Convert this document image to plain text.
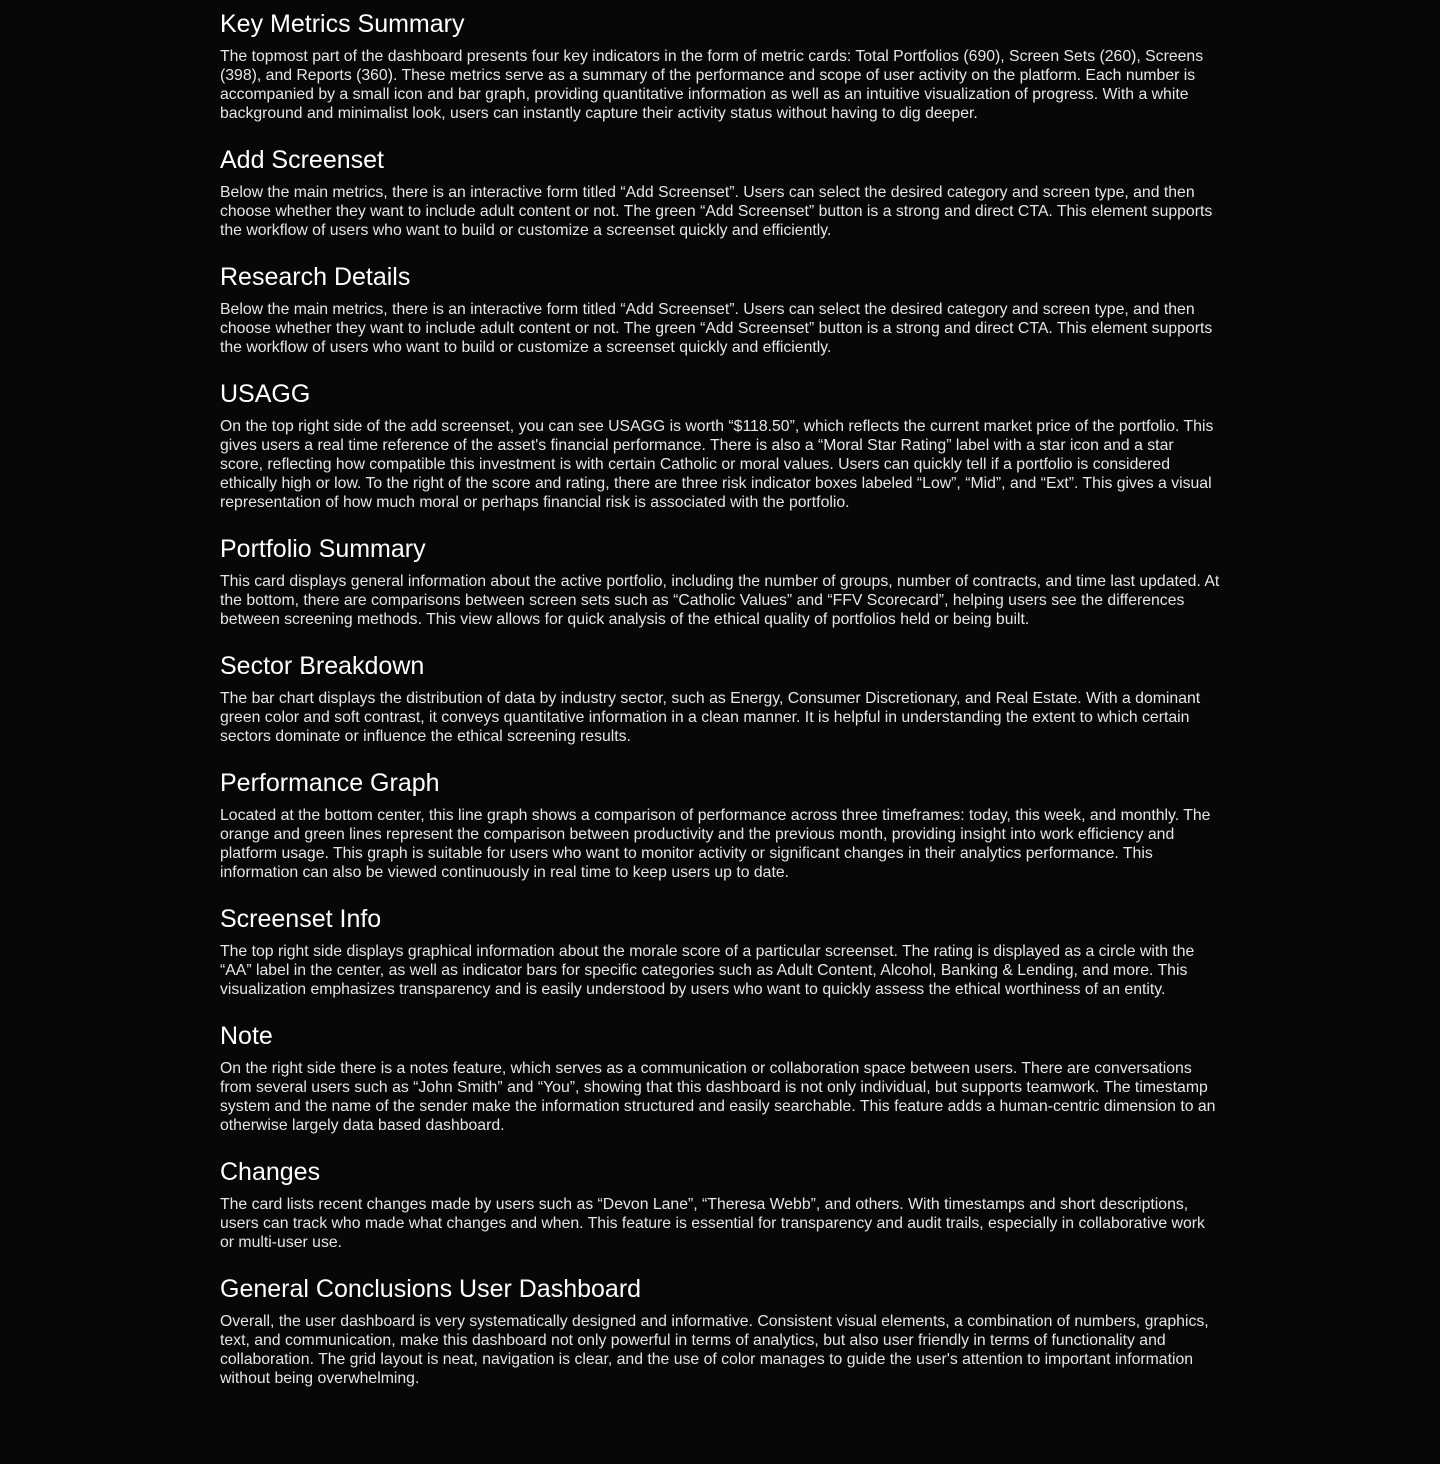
Key Metrics Summary

The topmost part of the dashboard presents four key indicators in the form of metric cards: Total Portfolios (690), Screen Sets (260), Screens (398), and Reports (360). These metrics serve as a summary of the performance and scope of user activity on the platform. Each number is accompanied by a small icon and bar graph, providing quantitative information as well as an intuitive visualization of progress. With a white background and minimalist look, users can instantly capture their activity status without having to dig deeper.

Add Screenset

Below the main metrics, there is an interactive form titled “Add Screenset”. Users can select the desired category and screen type, and then choose whether they want to include adult content or not. The green “Add Screenset” button is a strong and direct CTA. This element supports the workflow of users who want to build or customize a screenset quickly and efficiently.

Research Details

Below the main metrics, there is an interactive form titled “Add Screenset”. Users can select the desired category and screen type, and then choose whether they want to include adult content or not. The green “Add Screenset” button is a strong and direct CTA. This element supports the workflow of users who want to build or customize a screenset quickly and efficiently.

USAGG

On the top right side of the add screenset, you can see USAGG is worth “$118.50”, which reflects the current market price of the portfolio. This gives users a real time reference of the asset's financial performance. There is also a “Moral Star Rating” label with a star icon and a star score, reflecting how compatible this investment is with certain Catholic or moral values. Users can quickly tell if a portfolio is considered ethically high or low. To the right of the score and rating, there are three risk indicator boxes labeled “Low”, “Mid”, and “Ext”. This gives a visual representation of how much moral or perhaps financial risk is associated with the portfolio.

Portfolio Summary

This card displays general information about the active portfolio, including the number of groups, number of contracts, and time last updated. At the bottom, there are comparisons between screen sets such as “Catholic Values” and “FFV Scorecard”, helping users see the differences between screening methods. This view allows for quick analysis of the ethical quality of portfolios held or being built.

Sector Breakdown

The bar chart displays the distribution of data by industry sector, such as Energy, Consumer Discretionary, and Real Estate. With a dominant green color and soft contrast, it conveys quantitative information in a clean manner. It is helpful in understanding the extent to which certain sectors dominate or influence the ethical screening results.

Performance Graph

Located at the bottom center, this line graph shows a comparison of performance across three timeframes: today, this week, and monthly. The orange and green lines represent the comparison between productivity and the previous month, providing insight into work efficiency and platform usage. This graph is suitable for users who want to monitor activity or significant changes in their analytics performance. This information can also be viewed continuously in real time to keep users up to date.

Screenset Info

The top right side displays graphical information about the morale score of a particular screenset. The rating is displayed as a circle with the “AA” label in the center, as well as indicator bars for specific categories such as Adult Content, Alcohol, Banking & Lending, and more. This visualization emphasizes transparency and is easily understood by users who want to quickly assess the ethical worthiness of an entity.

Note

On the right side there is a notes feature, which serves as a communication or collaboration space between users. There are conversations from several users such as “John Smith” and “You”, showing that this dashboard is not only individual, but supports teamwork. The timestamp system and the name of the sender make the information structured and easily searchable. This feature adds a human-centric dimension to an otherwise largely data based dashboard.

Changes

The card lists recent changes made by users such as “Devon Lane”, “Theresa Webb”, and others. With timestamps and short descriptions, users can track who made what changes and when. This feature is essential for transparency and audit trails, especially in collaborative work or multi-user use.

General Conclusions User Dashboard

Overall, the user dashboard is very systematically designed and informative. Consistent visual elements, a combination of numbers, graphics, text, and communication, make this dashboard not only powerful in terms of analytics, but also user friendly in terms of functionality and collaboration. The grid layout is neat, navigation is clear, and the use of color manages to guide the user's attention to important information without being overwhelming.
